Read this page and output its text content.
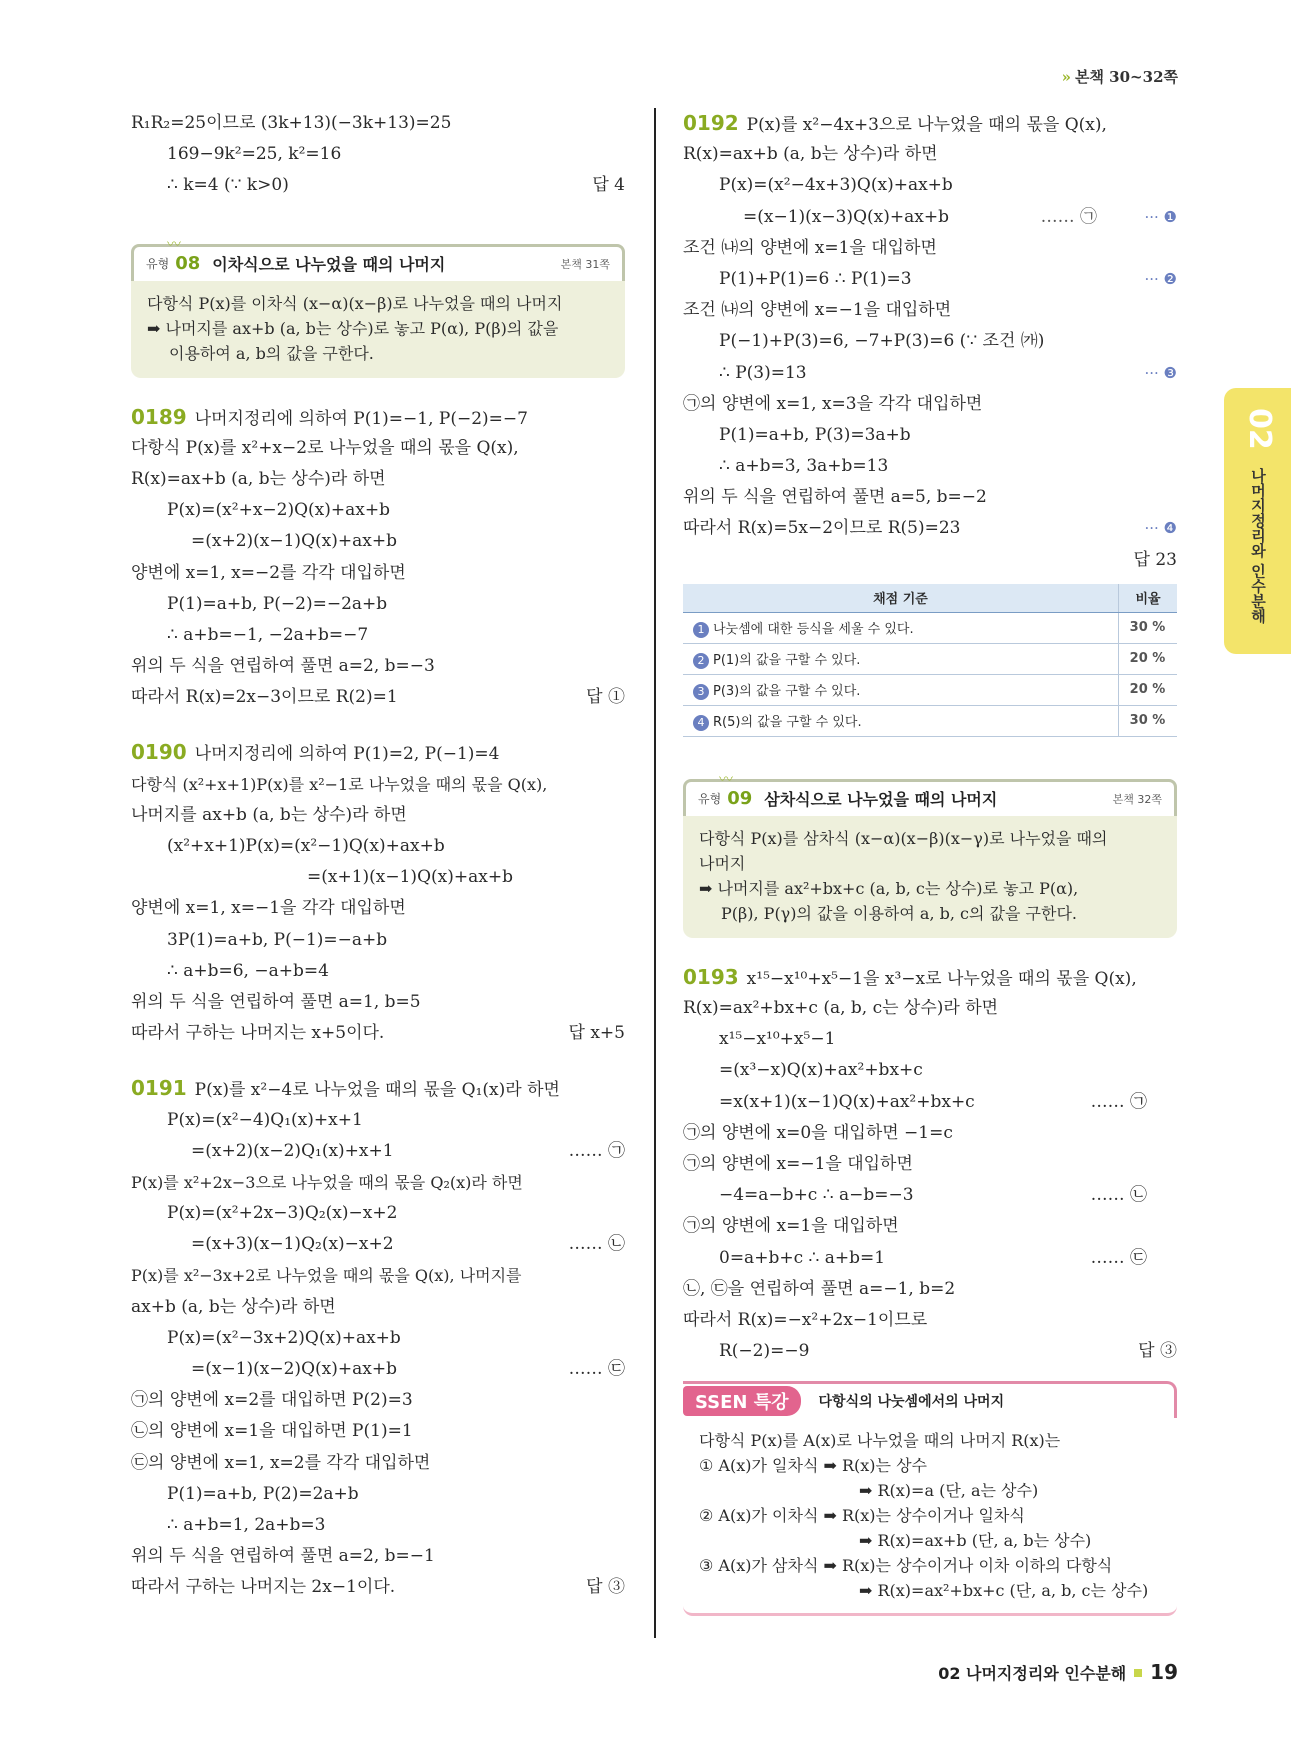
» 본책 30~32쪽
02
나머지정리와 인수분해
R₁R₂=25이므로 (3k+13)(−3k+13)=25
169−9k²=25, k²=16
∴ k=4 (∵ k>0)	답 4
〰
유형 08 이차식으로 나누었을 때의 나머지	본책 31쪽
다항식 P(x)를 이차식 (x−α)(x−β)로 나누었을 때의 나머지
➡ 나머지를 ax+b (a, b는 상수)로 놓고 P(α), P(β)의 값을
이용하여 a, b의 값을 구한다.
0189 나머지정리에 의하여 P(1)=−1, P(−2)=−7
다항식 P(x)를 x²+x−2로 나누었을 때의 몫을 Q(x),
R(x)=ax+b (a, b는 상수)라 하면
P(x)=(x²+x−2)Q(x)+ax+b
=(x+2)(x−1)Q(x)+ax+b
양변에 x=1, x=−2를 각각 대입하면
P(1)=a+b, P(−2)=−2a+b
∴ a+b=−1, −2a+b=−7
위의 두 식을 연립하여 풀면 a=2, b=−3
따라서 R(x)=2x−3이므로 R(2)=1	답 ①
0190 나머지정리에 의하여 P(1)=2, P(−1)=4
다항식 (x²+x+1)P(x)를 x²−1로 나누었을 때의 몫을 Q(x),
나머지를 ax+b (a, b는 상수)라 하면
(x²+x+1)P(x)=(x²−1)Q(x)+ax+b
=(x+1)(x−1)Q(x)+ax+b
양변에 x=1, x=−1을 각각 대입하면
3P(1)=a+b, P(−1)=−a+b
∴ a+b=6, −a+b=4
위의 두 식을 연립하여 풀면 a=1, b=5
따라서 구하는 나머지는 x+5이다.	답 x+5
0191 P(x)를 x²−4로 나누었을 때의 몫을 Q₁(x)라 하면
P(x)=(x²−4)Q₁(x)+x+1
=(x+2)(x−2)Q₁(x)+x+1	…… ㉠
P(x)를 x²+2x−3으로 나누었을 때의 몫을 Q₂(x)라 하면
P(x)=(x²+2x−3)Q₂(x)−x+2
=(x+3)(x−1)Q₂(x)−x+2	…… ㉡
P(x)를 x²−3x+2로 나누었을 때의 몫을 Q(x), 나머지를
ax+b (a, b는 상수)라 하면
P(x)=(x²−3x+2)Q(x)+ax+b
=(x−1)(x−2)Q(x)+ax+b	…… ㉢
㉠의 양변에 x=2를 대입하면 P(2)=3
㉡의 양변에 x=1을 대입하면 P(1)=1
㉢의 양변에 x=1, x=2를 각각 대입하면
P(1)=a+b, P(2)=2a+b
∴ a+b=1, 2a+b=3
위의 두 식을 연립하여 풀면 a=2, b=−1
따라서 구하는 나머지는 2x−1이다.	답 ③
0192 P(x)를 x²−4x+3으로 나누었을 때의 몫을 Q(x),
R(x)=ax+b (a, b는 상수)라 하면
P(x)=(x²−4x+3)Q(x)+ax+b
=(x−1)(x−3)Q(x)+ax+b	…… ㉠	··· ❶
조건 ㈏의 양변에 x=1을 대입하면
P(1)+P(1)=6 ∴ P(1)=3	··· ❷
조건 ㈏의 양변에 x=−1을 대입하면
P(−1)+P(3)=6, −7+P(3)=6 (∵ 조건 ㈎)
∴ P(3)=13	··· ❸
㉠의 양변에 x=1, x=3을 각각 대입하면
P(1)=a+b, P(3)=3a+b
∴ a+b=3, 3a+b=13
위의 두 식을 연립하여 풀면 a=5, b=−2
따라서 R(x)=5x−2이므로 R(5)=23	··· ❹
답 23
채점 기준	비율
1 나눗셈에 대한 등식을 세울 수 있다.	30 %
2 P(1)의 값을 구할 수 있다.	20 %
3 P(3)의 값을 구할 수 있다.	20 %
4 R(5)의 값을 구할 수 있다.	30 %
〰
유형 09 삼차식으로 나누었을 때의 나머지	본책 32쪽
다항식 P(x)를 삼차식 (x−α)(x−β)(x−γ)로 나누었을 때의
나머지
➡ 나머지를 ax²+bx+c (a, b, c는 상수)로 놓고 P(α),
P(β), P(γ)의 값을 이용하여 a, b, c의 값을 구한다.
0193 x¹⁵−x¹⁰+x⁵−1을 x³−x로 나누었을 때의 몫을 Q(x),
R(x)=ax²+bx+c (a, b, c는 상수)라 하면
x¹⁵−x¹⁰+x⁵−1
=(x³−x)Q(x)+ax²+bx+c
=x(x+1)(x−1)Q(x)+ax²+bx+c	…… ㉠
㉠의 양변에 x=0을 대입하면 −1=c
㉠의 양변에 x=−1을 대입하면
−4=a−b+c ∴ a−b=−3	…… ㉡
㉠의 양변에 x=1을 대입하면
0=a+b+c ∴ a+b=1	…… ㉢
㉡, ㉢을 연립하여 풀면 a=−1, b=2
따라서 R(x)=−x²+2x−1이므로
R(−2)=−9	답 ③
SSEN 특강	다항식의 나눗셈에서의 나머지
다항식 P(x)를 A(x)로 나누었을 때의 나머지 R(x)는
① A(x)가 일차식 ➡ R(x)는 상수
➡ R(x)=a (단, a는 상수)
② A(x)가 이차식 ➡ R(x)는 상수이거나 일차식
➡ R(x)=ax+b (단, a, b는 상수)
③ A(x)가 삼차식 ➡ R(x)는 상수이거나 이차 이하의 다항식
➡ R(x)=ax²+bx+c (단, a, b, c는 상수)
02 나머지정리와 인수분해 19
